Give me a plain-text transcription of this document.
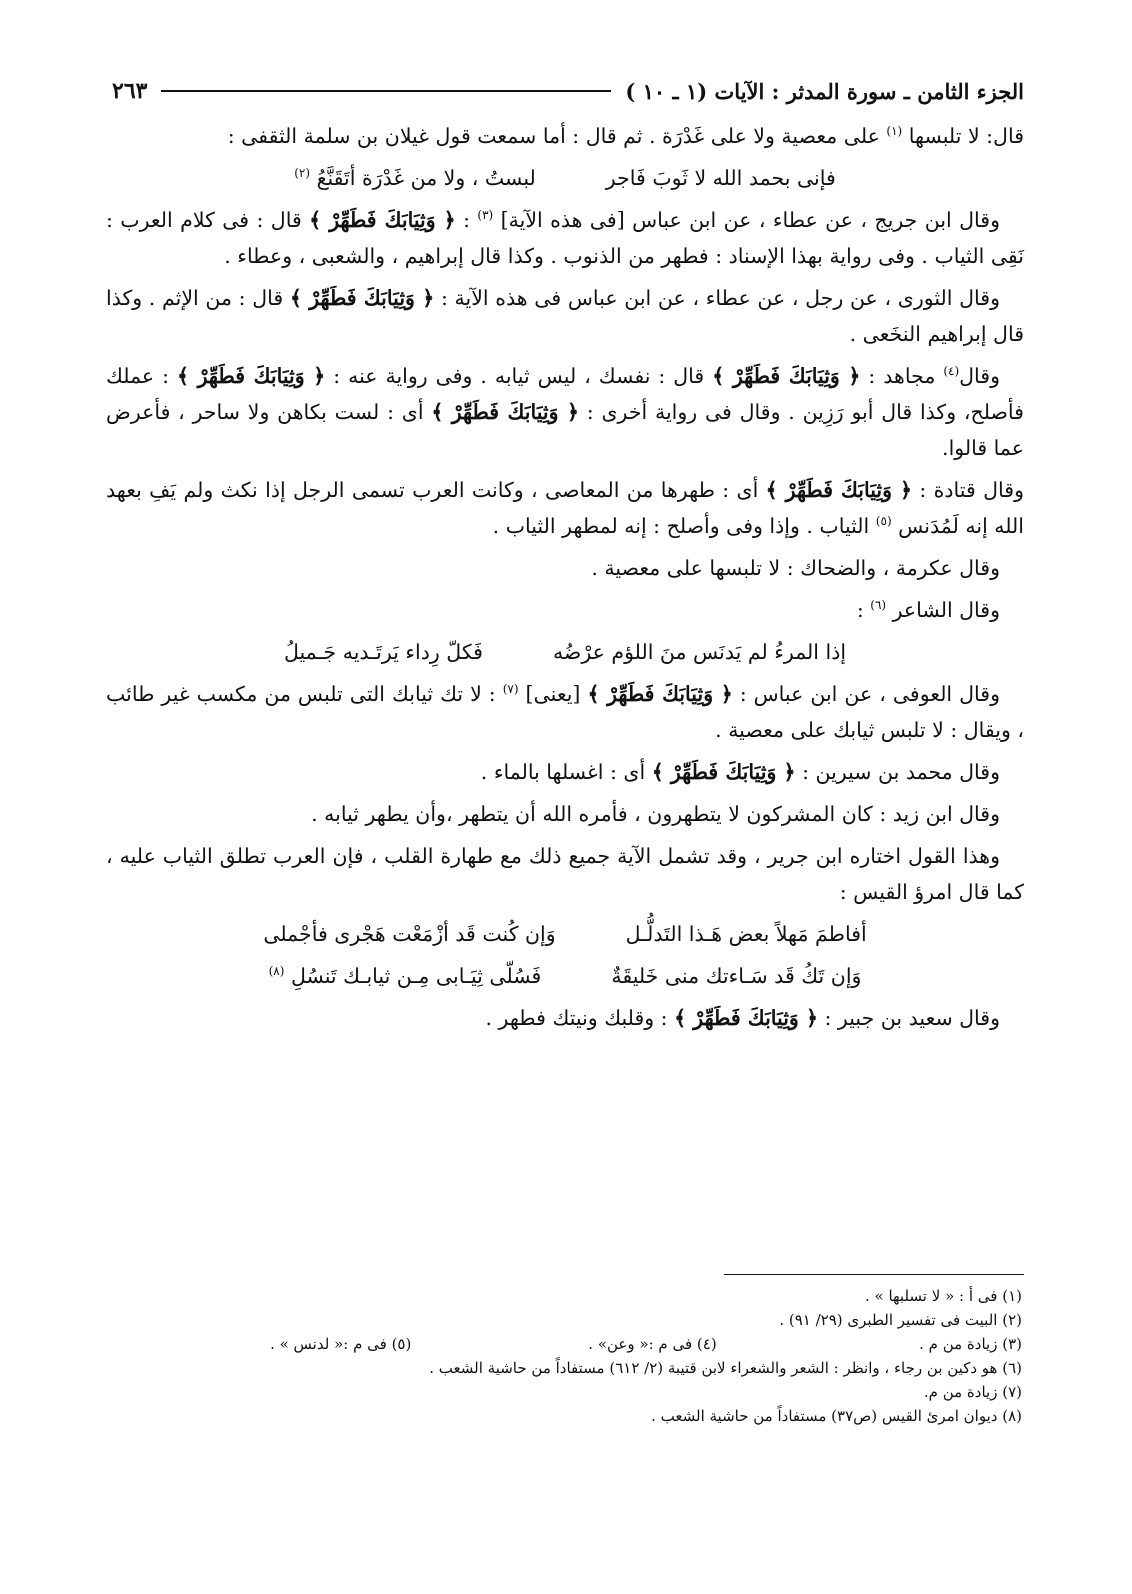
الجزء الثامن ـ سورة المدثر : الآيات (١ ـ ١٠ )
٢٦٣

قال: لا تلبسها $^{(١)}$ على معصية ولا على غَدْرَة . ثم قال : أما سمعت قول غيلان بن سلمة الثقفى :

فإنى بحمد الله لا ثَوبَ فَاجر
لبستُ ، ولا من غَدْرَة أتَقَنَّعُ $^{(٢)}$

وقال ابن جريج ، عن عطاء ، عن ابن عباس [فى هذه الآية] $^{(٣)}$ : ﴿ وَثِيَابَكَ فَطَهِّرْ ﴾ قال : فى كلام العرب : نَقِى الثياب . وفى رواية بهذا الإسناد : فطهر من الذنوب . وكذا قال إبراهيم ، والشعبى ، وعطاء .

وقال الثورى ، عن رجل ، عن عطاء ، عن ابن عباس فى هذه الآية : ﴿ وَثِيَابَكَ فَطَهِّرْ ﴾ قال : من الإثم . وكذا قال إبراهيم النخَعى .

وقال$^{(٤)}$ مجاهد : ﴿ وَثِيَابَكَ فَطَهِّرْ ﴾ قال : نفسك ، ليس ثيابه . وفى رواية عنه : ﴿ وَثِيَابَكَ فَطَهِّرْ ﴾ : عملك فأصلح، وكذا قال أبو رَزِين . وقال فى رواية أخرى : ﴿ وَثِيَابَكَ فَطَهِّرْ ﴾ أى : لست بكاهن ولا ساحر ، فأعرض عما قالوا.

وقال قتادة : ﴿ وَثِيَابَكَ فَطَهِّرْ ﴾ أى : طهرها من المعاصى ، وكانت العرب تسمى الرجل إذا نكث ولم يَفِ بعهد الله إنه لَمُدَنس $^{(٥)}$ الثياب . وإذا وفى وأصلح : إنه لمطهر الثياب .

وقال عكرمة ، والضحاك : لا تلبسها على معصية .

وقال الشاعر $^{(٦)}$ :

إذا المرءُ لم يَدنَس منَ اللؤم عرْضُه
فَكلّ رِداء يَرتَـديه جَـميلُ

وقال العوفى ، عن ابن عباس : ﴿ وَثِيَابَكَ فَطَهِّرْ ﴾ [يعنى] $^{(٧)}$ : لا تك ثيابك التى تلبس من مكسب غير طائب ، ويقال : لا تلبس ثيابك على معصية .

وقال محمد بن سيرين : ﴿ وَثِيَابَكَ فَطَهِّرْ ﴾ أى : اغسلها بالماء .

وقال ابن زيد : كان المشركون لا يتطهرون ، فأمره الله أن يتطهر ،وأن يطهر ثيابه .

وهذا القول اختاره ابن جرير ، وقد تشمل الآية جميع ذلك مع طهارة القلب ، فإن العرب تطلق الثياب عليه ، كما قال امرؤ القيس :

أفاطمَ مَهلاً بعض هَـذا التَدلُّـل
وَإن كُنت قَد أزْمَعْت هَجْرى فأجْملى
وَإن تَكُ قَد سَـاءتك منى خَليقَةٌ
فَسُلّى ثِيَـابى مِـن ثيابـك تَنسُلِ $^{(٨)}$

وقال سعيد بن جبير : ﴿ وَثِيَابَكَ فَطَهِّرْ ﴾ : وقلبك ونيتك فطهر .

(١) فى أ : « لا تسلبها » .
(٢) البيت فى تفسير الطبرى (٢٩/ ٩١) .
(٣) زيادة من م .
(٤) فى م :« وعن» .
(٥) فى م :« لدنس » .
(٦) هو دكين بن رجاء ، وانظر : الشعر والشعراء لابن قتيبة (٢/ ٦١٢) مستفاداً من حاشية الشعب .
(٧) زيادة من م.
(٨) ديوان امرئ القيس (ص٣٧) مستفاداً من حاشية الشعب .
